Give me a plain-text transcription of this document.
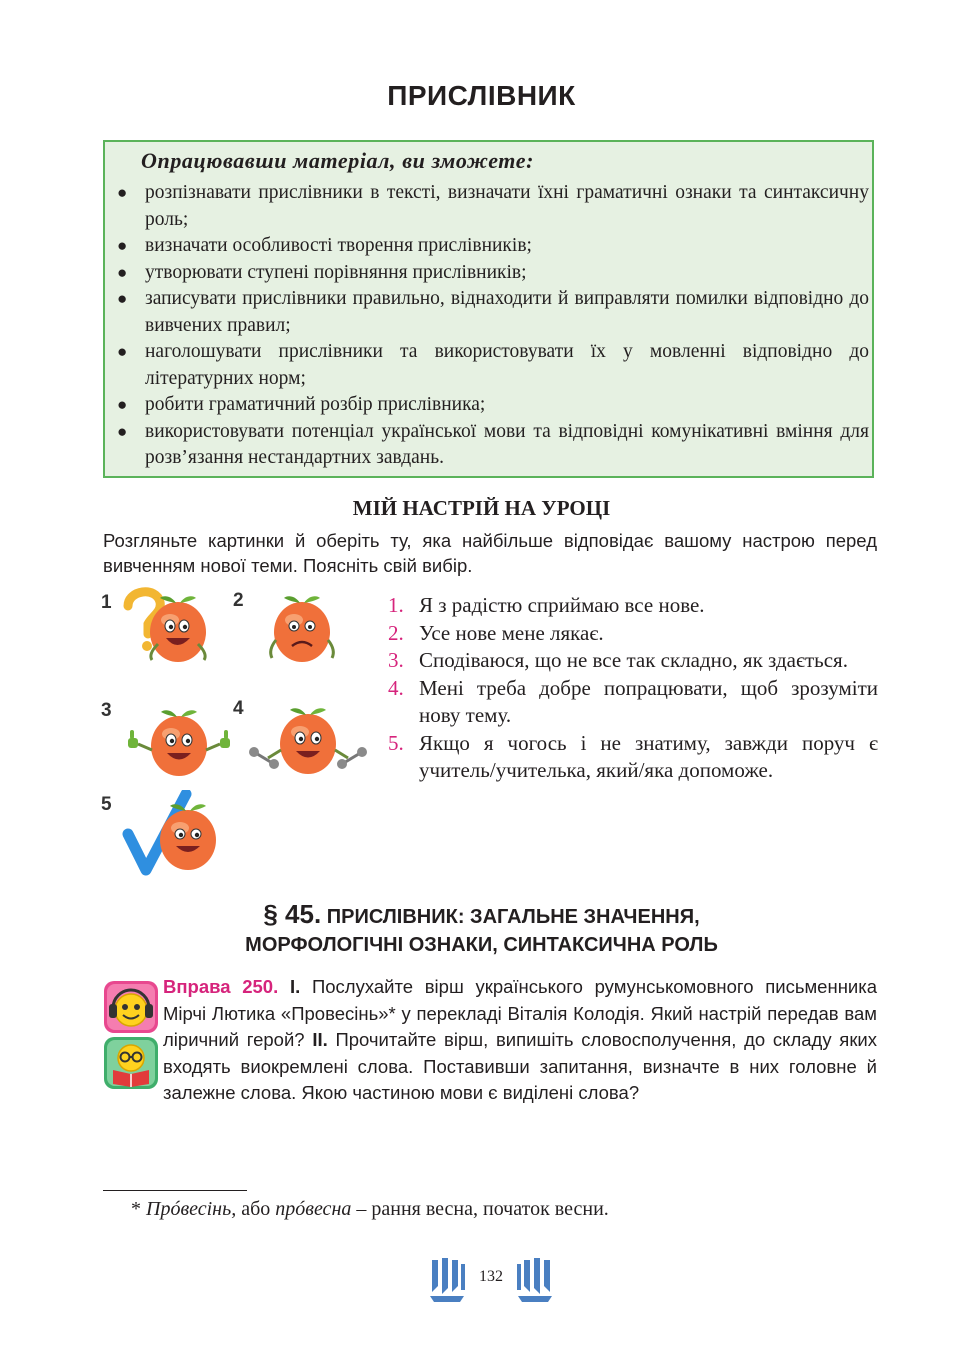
ПРИСЛІВНИК
Опрацювавши матеріал, ви зможете:
● розпізнавати прислівники в тексті, визначати їхні граматичні ознаки та синтаксичну роль;
● визначати особливості творення прислівників;
● утворювати ступені порівняння прислівників;
● записувати прислівники правильно, віднаходити й виправляти помилки відповідно до вивчених правил;
● наголошувати прислівники та використовувати їх у мовленні відповідно до літературних норм;
● робити граматичний розбір прислівника;
● використовувати потенціал української мови та відповідні комунікативні вміння для розв’язання нестандартних завдань.
МІЙ НАСТРІЙ НА УРОЦІ
Розгляньте картинки й оберіть ту, яка найбільше відповідає вашому настрою перед вивченням нової теми. Поясніть свій вибір.
1	2
3	4
5
1. Я з радістю сприймаю все нове.
2. Усе нове мене лякає.
3. Сподіваюся, що не все так складно, як здається.
4. Мені треба добре попрацювати, щоб зрозуміти нову тему.
5. Якщо я чогось і не знатиму, завжди поруч є учитель/учителька, який/яка допоможе.
§ 45. ПРИСЛІВНИК: ЗАГАЛЬНЕ ЗНАЧЕННЯ,
МОРФОЛОГІЧНІ ОЗНАКИ, СИНТАКСИЧНА РОЛЬ
Вправа 250. I. Послухайте вірш українського румунськомовного письменника Мірчі Лютика «Провесінь»* у перекладі Віталія Колодія. Який настрій передав вам ліричний герой? II. Прочитайте вірш, випишіть словосполучення, до складу яких входять виокремлені слова. Поставивши запитання, визначте в них головне й залежне слова. Якою частиною мови є виділені слова?
* Прóвесінь, або прóвесна – рання весна, початок весни.
132
